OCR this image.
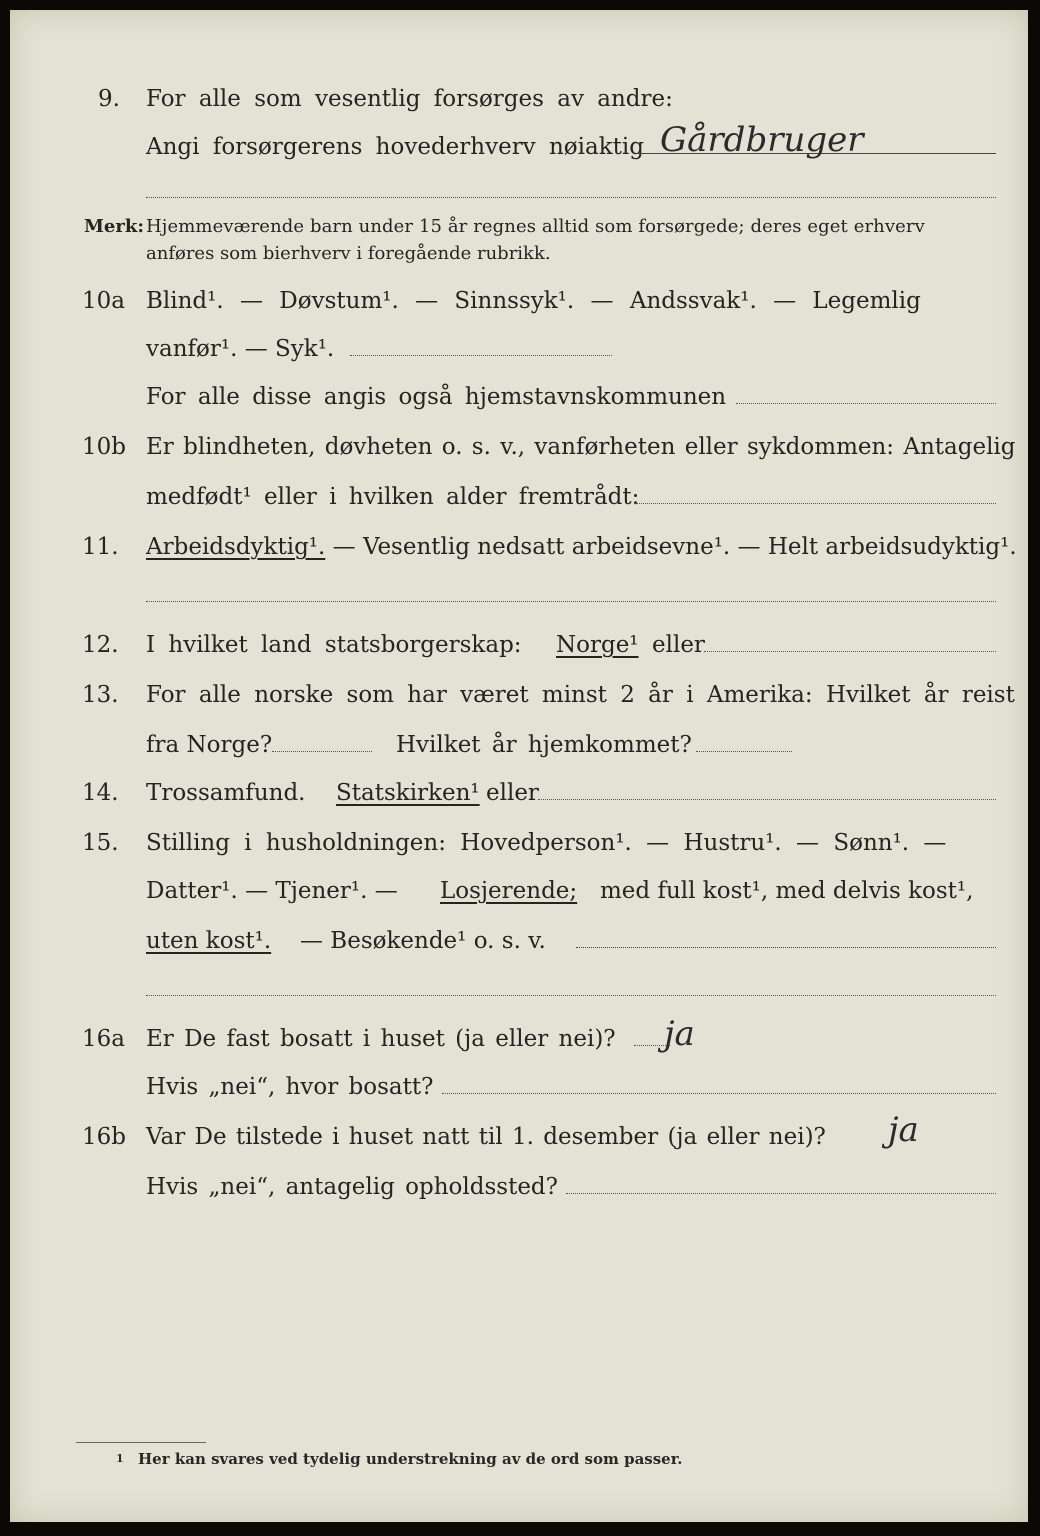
9.	For alle som vesentlig forsørges av andre:
Angi forsørgerens hovederhverv nøiaktig Gårdbruger
Merk: Hjemmeværende barn under 15 år regnes alltid som forsørgede; deres eget erhverv
anføres som bierhverv i foregående rubrikk.
10a Blind¹. — Døvstum¹. — Sinnssyk¹. — Andssvak¹. — Legemlig
vanfør¹. — Syk¹.
For alle disse angis også hjemstavnskommunen
10b Er blindheten, døvheten o. s. v., vanførheten eller sykdommen: Antagelig
medfødt¹ eller i hvilken alder fremtrådt:
11.	Arbeidsdyktig¹. — Vesentlig nedsatt arbeidsevne¹. — Helt arbeidsudyktig¹.
12.	I hvilket land statsborgerskap: Norge¹ eller
13.	For alle norske som har været minst 2 år i Amerika: Hvilket år reist
fra Norge?	Hvilket år hjemkommet?
14.	Trossamfund. Statskirken¹ eller
15.	Stilling i husholdningen: Hovedperson¹. — Hustru¹. — Sønn¹. —
Datter¹. — Tjener¹. — Losjerende; med full kost¹, med delvis kost¹,
uten kost¹. — Besøkende¹ o. s. v.
16a Er De fast bosatt i huset (ja eller nei)? ja
Hvis „nei“, hvor bosatt?
16b Var De tilstede i huset natt til 1. desember (ja eller nei)? ja
Hvis „nei“, antagelig opholdssted?
1 Her kan svares ved tydelig understrekning av de ord som passer.
